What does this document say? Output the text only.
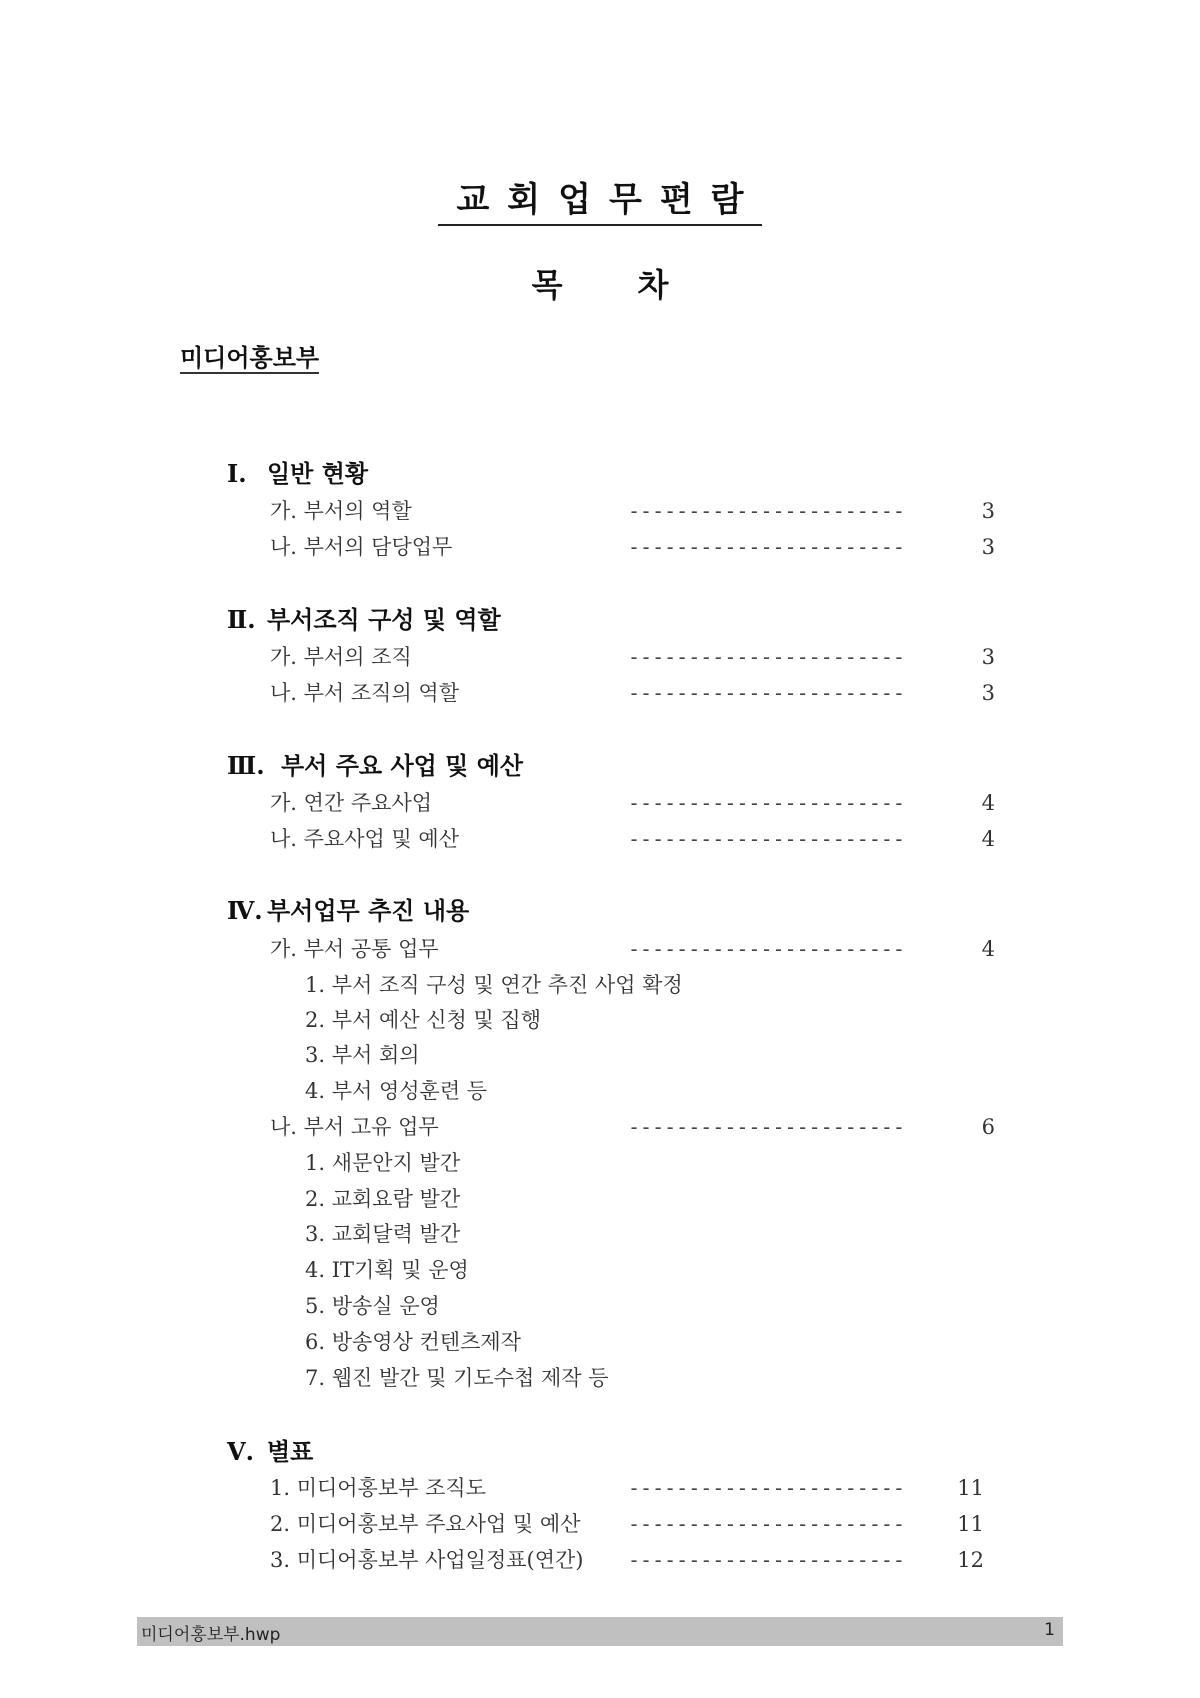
교회업무편람
목 차
미디어홍보부
Ⅰ. 일반 현황
가. 부서의 역할	-----------------------	3
나. 부서의 담당업무	-----------------------	3
Ⅱ. 부서조직 구성 및 역할
가. 부서의 조직	-----------------------	3
나. 부서 조직의 역할	-----------------------	3
Ⅲ. 부서 주요 사업 및 예산
가. 연간 주요사업	-----------------------	4
나. 주요사업 및 예산	-----------------------	4
Ⅳ. 부서업무 추진 내용
가. 부서 공통 업무	-----------------------	4
1. 부서 조직 구성 및 연간 추진 사업 확정
2. 부서 예산 신청 및 집행
3. 부서 회의
4. 부서 영성훈련 등
나. 부서 고유 업무	-----------------------	6
1. 새문안지 발간
2. 교회요람 발간
3. 교회달력 발간
4. IT기획 및 운영
5. 방송실 운영
6. 방송영상 컨텐츠제작
7. 웹진 발간 및 기도수첩 제작 등
Ⅴ. 별표
1. 미디어홍보부 조직도	-----------------------	11
2. 미디어홍보부 주요사업 및 예산 -----------------------	11
3. 미디어홍보부 사업일정표(연간) -----------------------	12
미디어홍보부.hwp	1
